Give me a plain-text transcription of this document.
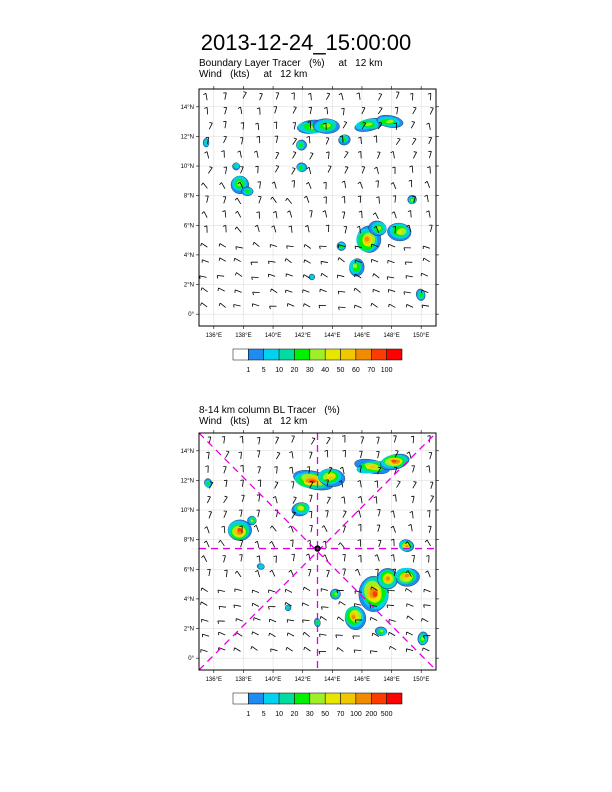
2013-12-24_15:00:00
Boundary Layer Tracer   (%)     at   12 km
Wind   (kts)     at   12 km
8-14 km column BL Tracer   (%)
Wind   (kts)     at   12 km
136°E 138°E 140°E 142°E 144°E 146°E 148°E 150°E
0°
2°N
4°N
6°N
8°N
10°N
12°N
14°N
1 5 10 20 30 40 50 60 70 100
136°E 138°E 140°E 142°E 144°E 146°E 148°E 150°E
0°
2°N
4°N
6°N
8°N
10°N
12°N
14°N
1 5 10 20 30 50 70 100 200 500
